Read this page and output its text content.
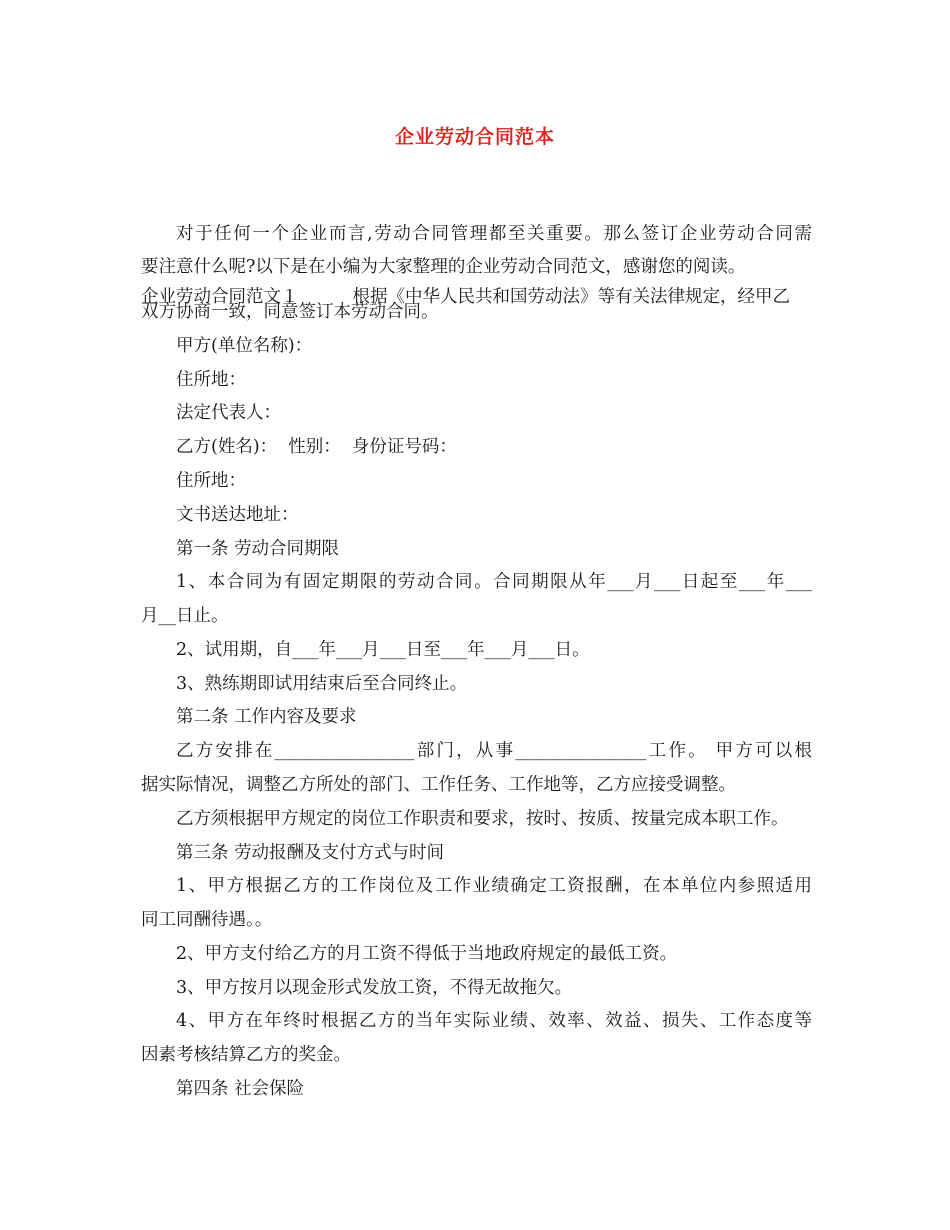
企业劳动合同范本
对于任何一个企业而言,劳动合同管理都至关重要。那么签订企业劳动合同需
要注意什么呢?以下是在小编为大家整理的企业劳动合同范文，感谢您的阅读。
企业劳动合同范文１	根据《中华人民共和国劳动法》等有关法律规定，经甲乙
双方协商一致，同意签订本劳动合同。
甲方(单位名称)：
住所地：
法定代表人：
乙方(姓名)：  性别：  身份证号码：
住所地：
文书送达地址：
第一条 劳动合同期限
1、本合同为有固定期限的劳动合同。合同期限从年___月___日起至___年___
月__日止。
2、试用期，自___年___月___日至___年___月___日。
3、熟练期即试用结束后至合同终止。
第二条 工作内容及要求
乙方安排在________________部门，从事_______________工作。 甲方可以根
据实际情况，调整乙方所处的部门、工作任务、工作地等，乙方应接受调整。
乙方须根据甲方规定的岗位工作职责和要求，按时、按质、按量完成本职工作。
第三条 劳动报酬及支付方式与时间
1、甲方根据乙方的工作岗位及工作业绩确定工资报酬，在本单位内参照适用
同工同酬待遇。。
2、甲方支付给乙方的月工资不得低于当地政府规定的最低工资。
3、甲方按月以现金形式发放工资，不得无故拖欠。
4、甲方在年终时根据乙方的当年实际业绩、效率、效益、损失、工作态度等
因素考核结算乙方的奖金。
第四条 社会保险
